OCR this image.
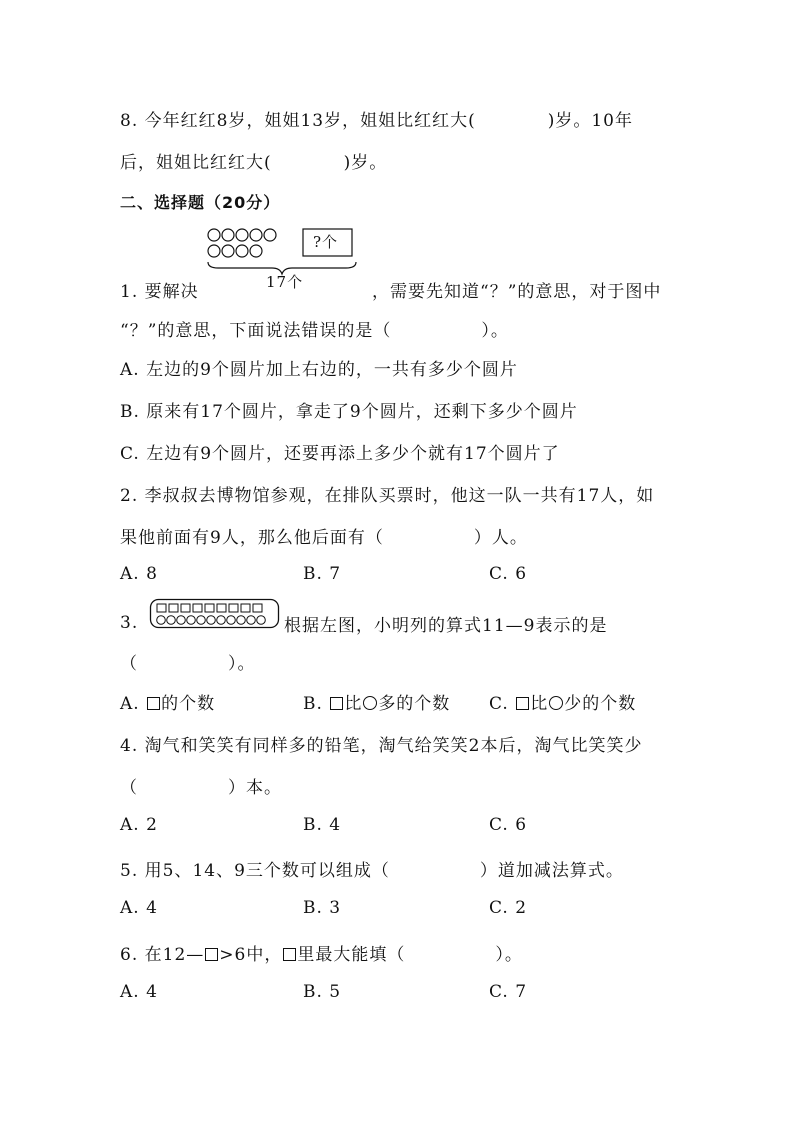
8. 今年红红8岁，姐姐13岁，姐姐比红红大(　　　　)岁。10年
后，姐姐比红红大(　　　　)岁。
二、选择题（20分）
?个
17个
1. 要解决	，需要先知道“？”的意思，对于图中
“？”的意思，下面说法错误的是（　　　　　）。
A. 左边的9个圆片加上右边的，一共有多少个圆片
B. 原来有17个圆片，拿走了9个圆片，还剩下多少个圆片
C. 左边有9个圆片，还要再添上多少个就有17个圆片了
2. 李叔叔去博物馆参观，在排队买票时，他这一队一共有17人，如
果他前面有9人，那么他后面有（　　　　　）人。
A. 8	B. 7	C. 6
3.	根据左图，小明列的算式11—9表示的是
（　　　　　）。
A. 的个数	B. 比 多的个数 C. 比 少的个数
4. 淘气和笑笑有同样多的铅笔，淘气给笑笑2本后，淘气比笑笑少
（　　　　　）本。
A. 2	B. 4	C. 6
5. 用5、14、9三个数可以组成（　　　　　）道加减法算式。
A. 4	B. 3	C. 2
6. 在12— >6中， 里最大能填（　　　　　）。
A. 4	B. 5	C. 7
